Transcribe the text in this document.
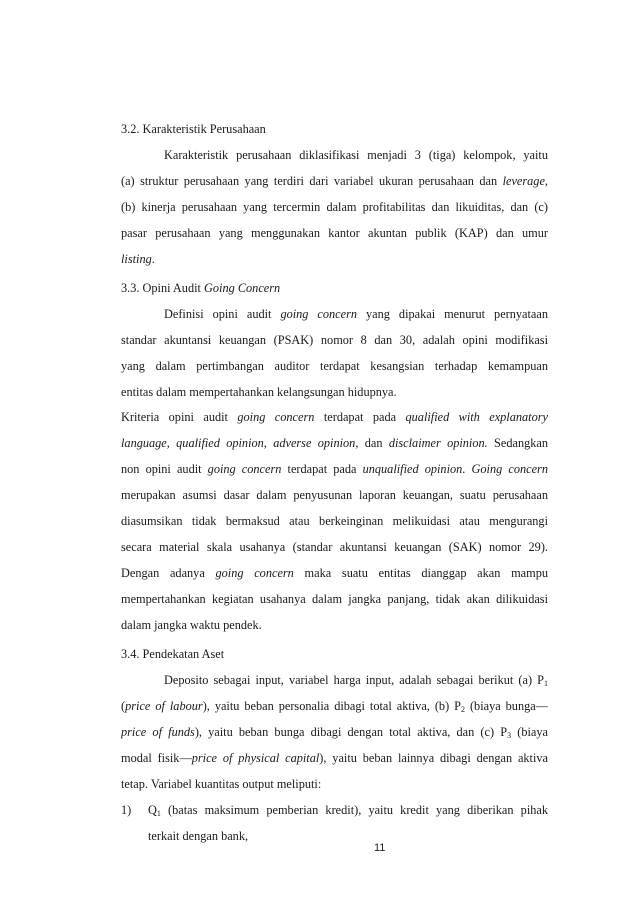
3.2. Karakteristik Perusahaan
Karakteristik perusahaan diklasifikasi menjadi 3 (tiga) kelompok, yaitu
(a) struktur perusahaan yang terdiri dari variabel ukuran perusahaan dan leverage,
(b) kinerja perusahaan yang tercermin dalam profitabilitas dan likuiditas, dan (c)
pasar perusahaan yang menggunakan kantor akuntan publik (KAP) dan umur
listing.
3.3. Opini Audit Going Concern
Definisi opini audit going concern yang dipakai menurut pernyataan
standar akuntansi keuangan (PSAK) nomor 8 dan 30, adalah opini modifikasi
yang dalam pertimbangan auditor terdapat kesangsian terhadap kemampuan
entitas dalam mempertahankan kelangsungan hidupnya.
Kriteria opini audit going concern terdapat pada qualified with explanatory
language, qualified opinion, adverse opinion, dan disclaimer opinion. Sedangkan
non opini audit going concern terdapat pada unqualified opinion. Going concern
merupakan asumsi dasar dalam penyusunan laporan keuangan, suatu perusahaan
diasumsikan tidak bermaksud atau berkeinginan melikuidasi atau mengurangi
secara material skala usahanya (standar akuntansi keuangan (SAK) nomor 29).
Dengan adanya going concern maka suatu entitas dianggap akan mampu
mempertahankan kegiatan usahanya dalam jangka panjang, tidak akan dilikuidasi
dalam jangka waktu pendek.
3.4. Pendekatan Aset
Deposito sebagai input, variabel harga input, adalah sebagai berikut (a) $P_1$
(price of labour), yaitu beban personalia dibagi total aktiva, (b) $P_2$ (biaya bunga—
price of funds), yaitu beban bunga dibagi dengan total aktiva, dan (c) $P_3$ (biaya
modal fisik—price of physical capital), yaitu beban lainnya dibagi dengan aktiva
tetap. Variabel kuantitas output meliputi:
1) $Q_1$ (batas maksimum pemberian kredit), yaitu kredit yang diberikan pihak
terkait dengan bank,
11
